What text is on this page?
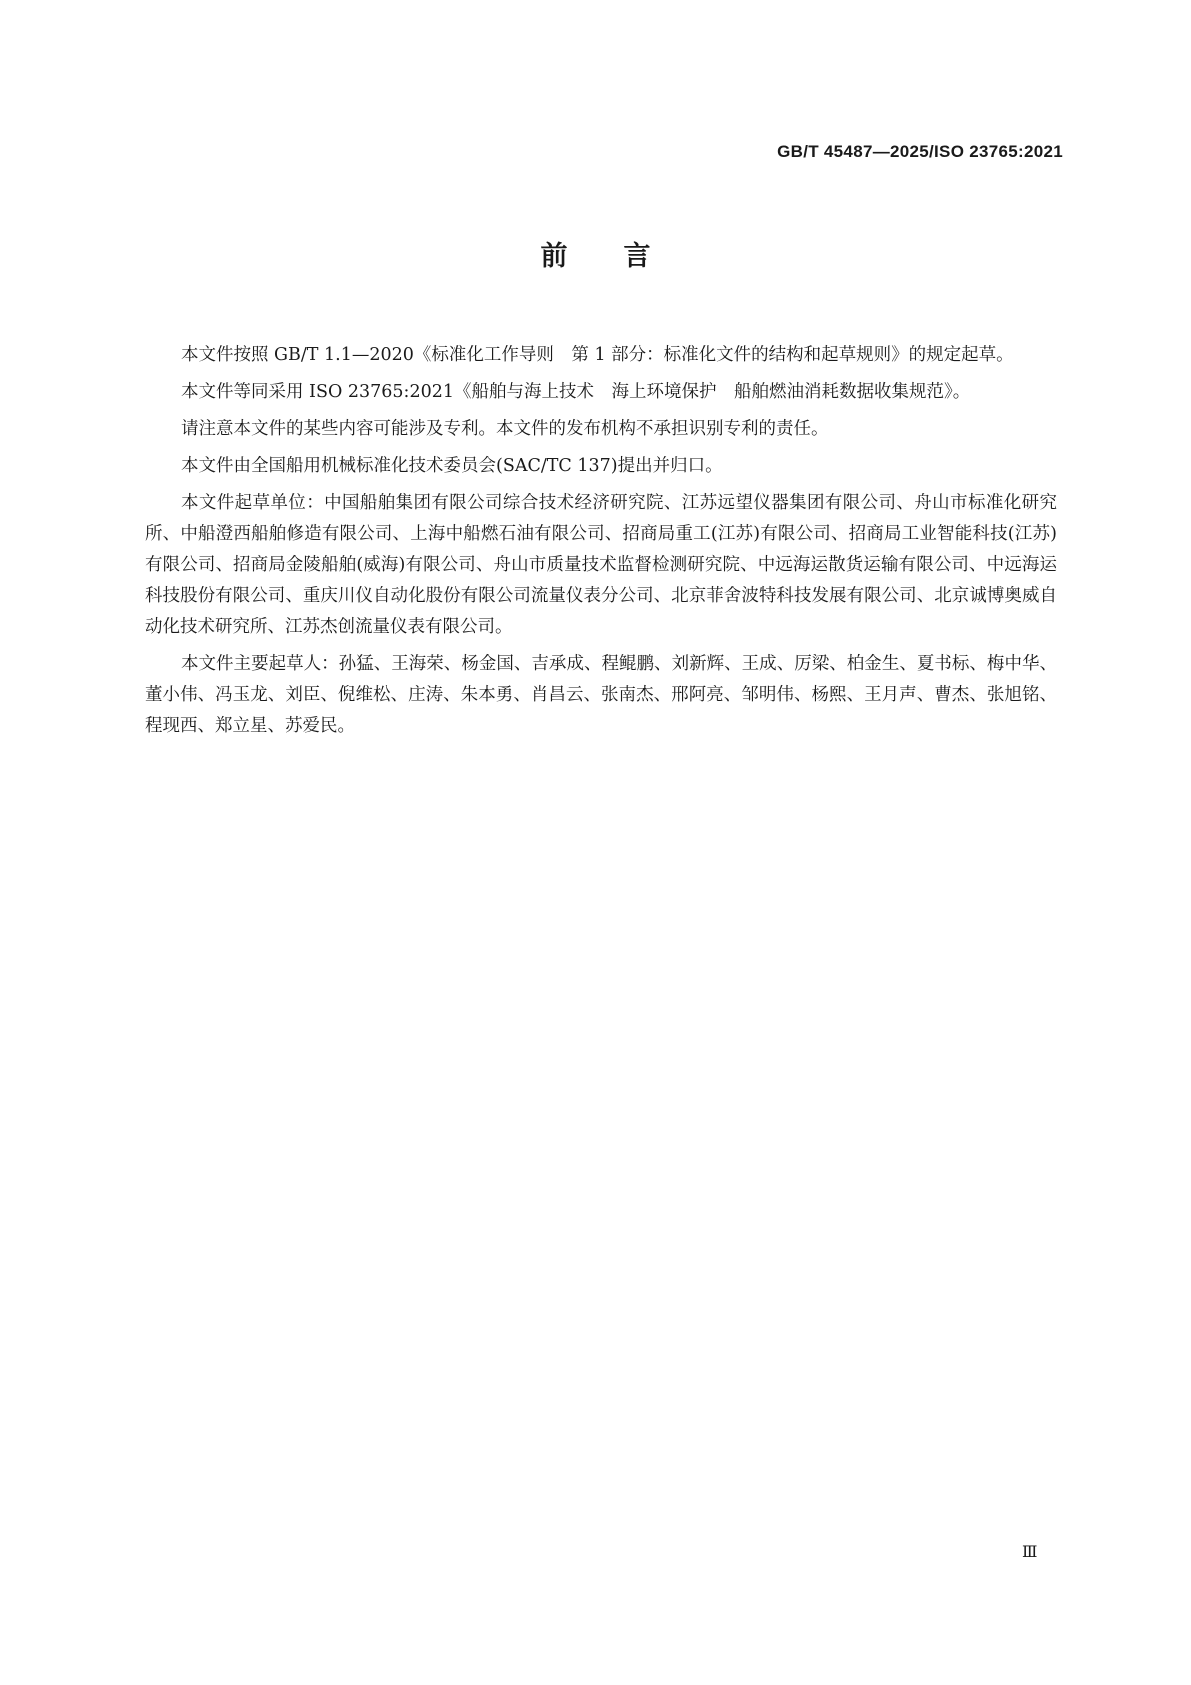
GB/T 45487—2025/ISO 23765:2021
前言

本文件按照 GB/T 1.1—2020《标准化工作导则　第 1 部分：标准化文件的结构和起草规则》的规定起草。

本文件等同采用 ISO 23765:2021《船舶与海上技术　海上环境保护　船舶燃油消耗数据收集规范》。

请注意本文件的某些内容可能涉及专利。本文件的发布机构不承担识别专利的责任。

本文件由全国船用机械标准化技术委员会(SAC/TC 137)提出并归口。

本文件起草单位：中国船舶集团有限公司综合技术经济研究院、江苏远望仪器集团有限公司、舟山市标准化研究所、中船澄西船舶修造有限公司、上海中船燃石油有限公司、招商局重工(江苏)有限公司、招商局工业智能科技(江苏)有限公司、招商局金陵船舶(威海)有限公司、舟山市质量技术监督检测研究院、中远海运散货运输有限公司、中远海运科技股份有限公司、重庆川仪自动化股份有限公司流量仪表分公司、北京菲舍波特科技发展有限公司、北京诚博奥威自动化技术研究所、江苏杰创流量仪表有限公司。

本文件主要起草人：孙猛、王海荣、杨金国、吉承成、程鲲鹏、刘新辉、王成、厉梁、柏金生、夏书标、梅中华、董小伟、冯玉龙、刘臣、倪维松、庄涛、朱本勇、肖昌云、张南杰、邢阿亮、邹明伟、杨熙、王月声、曹杰、张旭铭、程现西、郑立星、苏爱民。

Ⅲ
